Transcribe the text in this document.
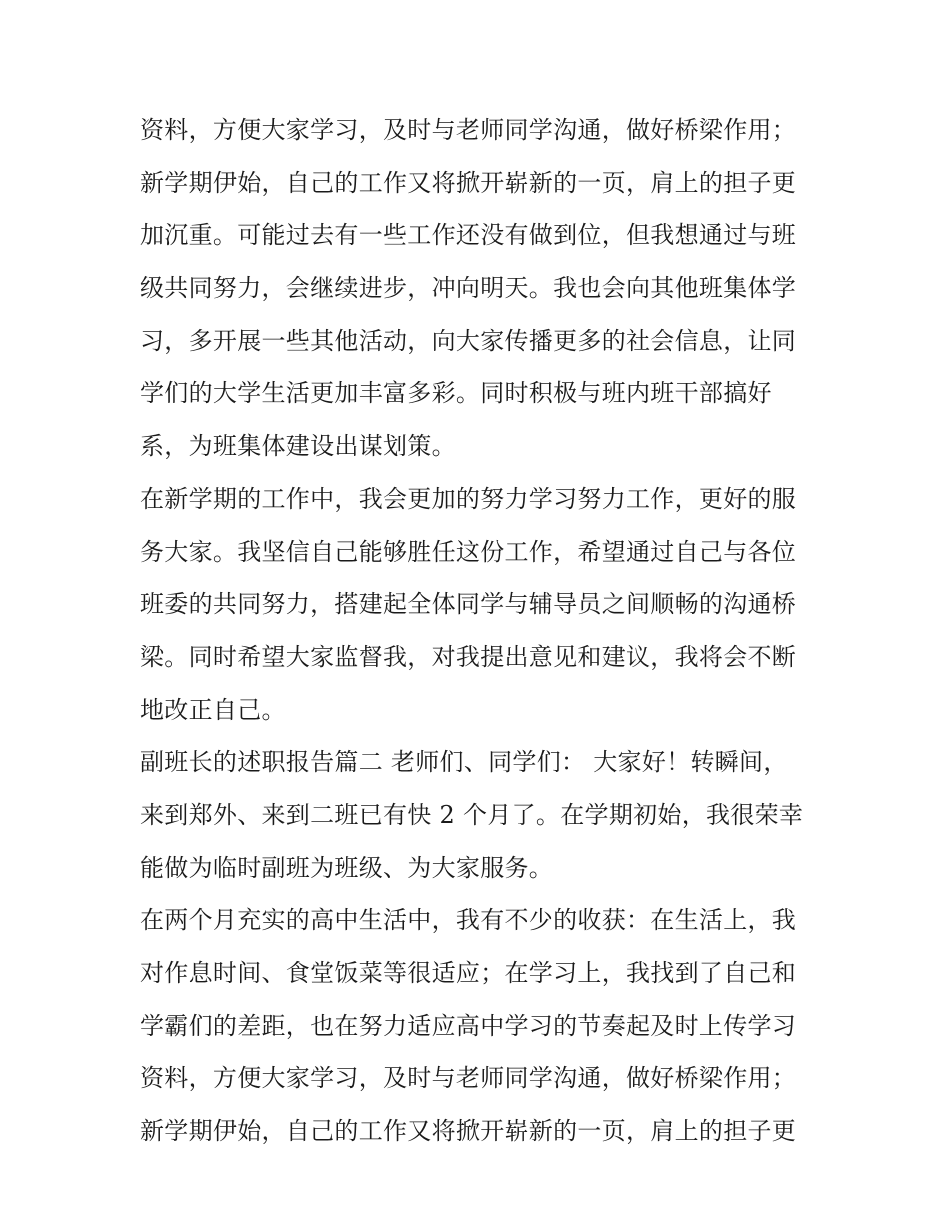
资料，方便大家学习，及时与老师同学沟通，做好桥梁作用；
新学期伊始，自己的工作又将掀开崭新的一页，肩上的担子更
加沉重。可能过去有一些工作还没有做到位，但我想通过与班
级共同努力，会继续进步，冲向明天。我也会向其他班集体学
习，多开展一些其他活动，向大家传播更多的社会信息，让同
学们的大学生活更加丰富多彩。同时积极与班内班干部搞好
系，为班集体建设出谋划策。
在新学期的工作中，我会更加的努力学习努力工作，更好的服
务大家。我坚信自己能够胜任这份工作，希望通过自己与各位
班委的共同努力，搭建起全体同学与辅导员之间顺畅的沟通桥
梁。同时希望大家监督我，对我提出意见和建议，我将会不断
地改正自己。
副班长的述职报告篇二 老师们、同学们： 大家好！转瞬间，
来到郑外、来到二班已有快 2 个月了。在学期初始，我很荣幸
能做为临时副班为班级、为大家服务。
在两个月充实的高中生活中，我有不少的收获：在生活上，我
对作息时间、食堂饭菜等很适应；在学习上，我找到了自己和
学霸们的差距，也在努力适应高中学习的节奏起及时上传学习
资料，方便大家学习，及时与老师同学沟通，做好桥梁作用；
新学期伊始，自己的工作又将掀开崭新的一页，肩上的担子更
